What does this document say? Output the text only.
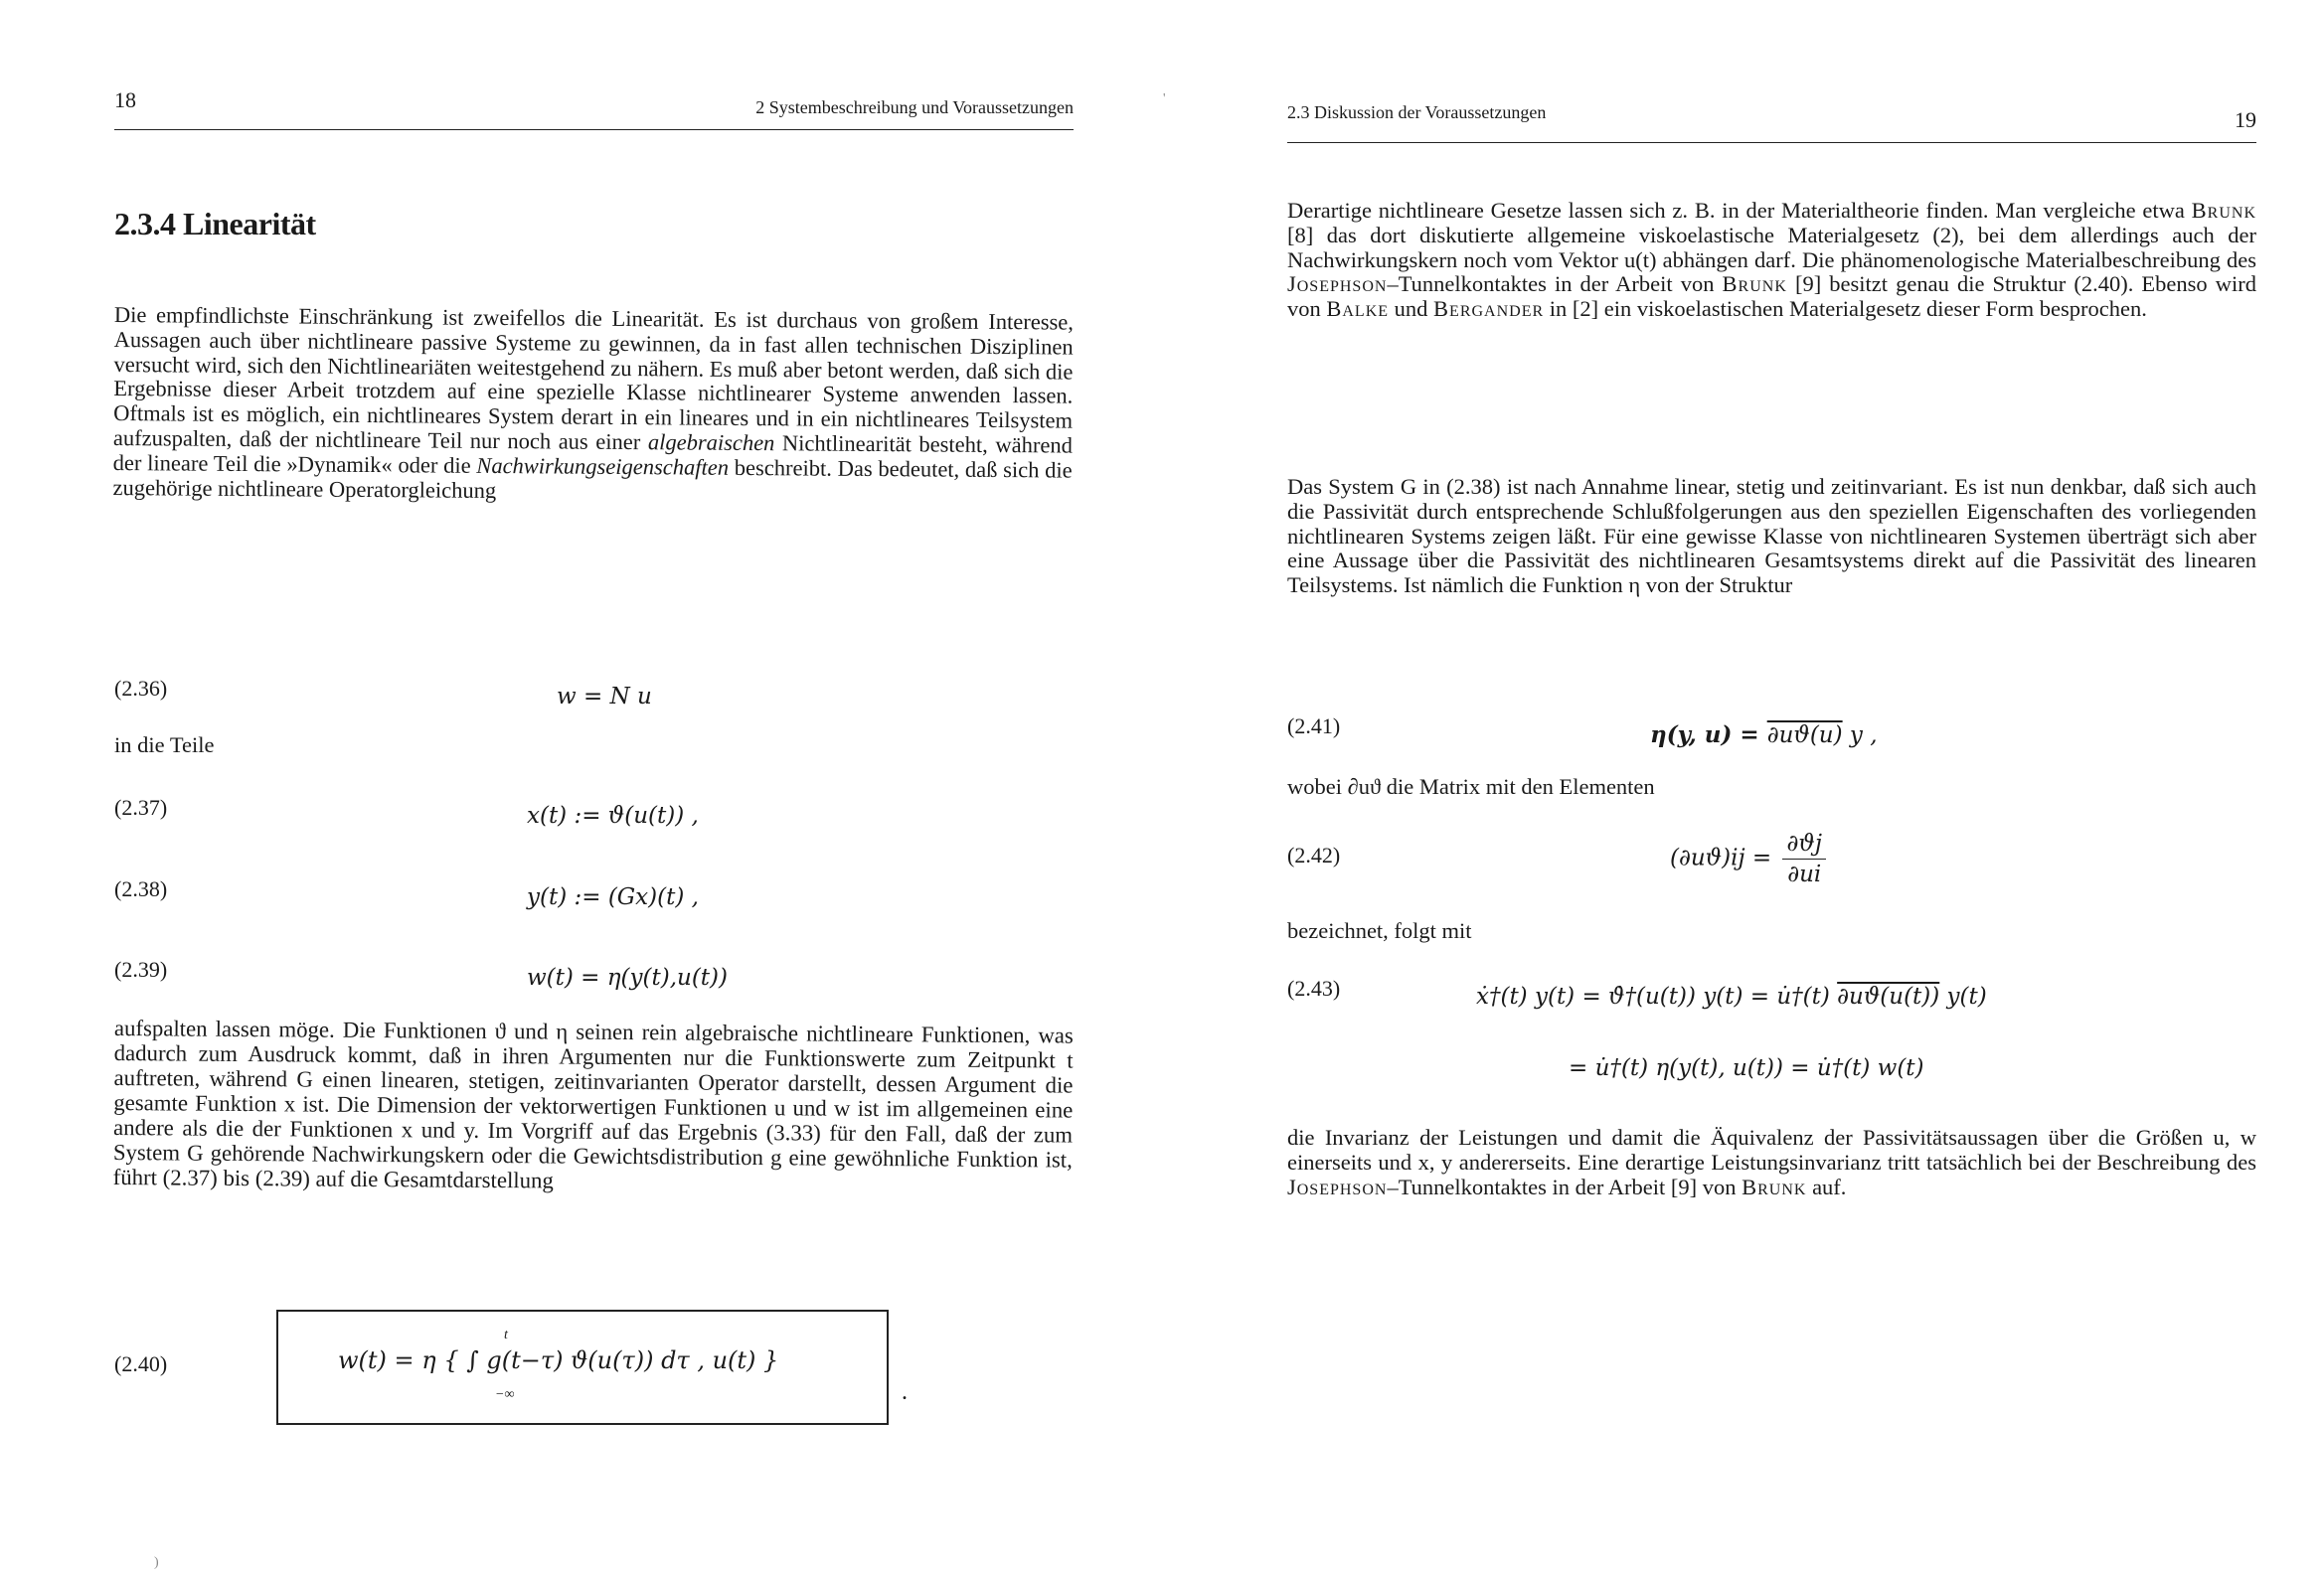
18	2 Systembeschreibung und Voraussetzungen
2.3.4 Linearität

Die empfindlichste Einschränkung ist zweifellos die Linearität. Es ist durchaus von großem Interesse, Aussagen auch über nichtlineare passive Systeme zu gewinnen, da in fast allen technischen Disziplinen versucht wird, sich den Nichtlineariäten weitestgehend zu nähern. Es muß aber betont werden, daß sich die Ergebnisse dieser Arbeit trotzdem auf eine spezielle Klasse nichtlinearer Systeme anwenden lassen. Oftmals ist es möglich, ein nichtlineares System derart in ein lineares und in ein nichtlineares Teilsystem aufzuspalten, daß der nichtlineare Teil nur noch aus einer algebraischen Nichtlinearität besteht, während der lineare Teil die »Dynamik« oder die Nachwirkungseigenschaften beschreibt. Das bedeutet, daß sich die zugehörige nichtlineare Operatorgleichung

(2.36)	w = N u

in die Teile

(2.37)	x(t) := ϑ(u(t)) ,
(2.38)	y(t) := (Gx)(t) ,
(2.39)	w(t) = η(y(t),u(t))

aufspalten lassen möge. Die Funktionen ϑ und η seinen rein algebraische nichtlineare Funktionen, was dadurch zum Ausdruck kommt, daß in ihren Argumenten nur die Funktionswerte zum Zeitpunkt t auftreten, während G einen linearen, stetigen, zeitinvarianten Operator darstellt, dessen Argument die gesamte Funktion x ist. Die Dimension der vektorwertigen Funktionen u und w ist im allgemeinen eine andere als die der Funktionen x und y. Im Vorgriff auf das Ergebnis (3.33) für den Fall, daß der zum System G gehörende Nachwirkungskern oder die Gewichtsdistribution g eine gewöhnliche Funktion ist, führt (2.37) bis (2.39) auf die Gesamtdarstellung

(2.40)	w(t) = η { ∫ g(t−τ) ϑ(u(τ)) dτ , u(t) }
t
−∞	.
2.3 Diskussion der Voraussetzungen	19

Derartige nichtlineare Gesetze lassen sich z. B. in der Materialtheorie finden. Man vergleiche etwa Brunk [8] das dort diskutierte allgemeine viskoelastische Materialgesetz (2), bei dem allerdings auch der Nachwirkungskern noch vom Vektor u(t) abhängen darf. Die phänomenologische Materialbeschreibung des Josephson–Tunnelkontaktes in der Arbeit von Brunk [9] besitzt genau die Struktur (2.40). Ebenso wird von Balke und Bergander in [2] ein viskoelastischen Materialgesetz dieser Form besprochen.

Das System G in (2.38) ist nach Annahme linear, stetig und zeitinvariant. Es ist nun denkbar, daß sich auch die Passivität durch entsprechende Schlußfolgerungen aus den speziellen Eigenschaften des vorliegenden nichtlinearen Systems zeigen läßt. Für eine gewisse Klasse von nichtlinearen Systemen überträgt sich aber eine Aussage über die Passivität des nichtlinearen Gesamtsystems direkt auf die Passivität des linearen Teilsystems. Ist nämlich die Funktion η von der Struktur

(2.41)	η(y, u) = ∂uϑ(u) y ,

wobei ∂uϑ die Matrix mit den Elementen

(2.42)	$(\partial uϑ)ij = \frac{\partial ϑj}{\partial ui}$

bezeichnet, folgt mit

(2.43)	ẋ†(t) y(t) = ϑ̇†(u(t)) y(t) = u̇†(t) ∂uϑ(u(t)) y(t)
= u̇†(t) η(y(t), u(t)) = u̇†(t) w(t)

die Invarianz der Leistungen und damit die Äquivalenz der Passivitätsaussagen über die Größen u, w einerseits und x, y andererseits. Eine derartige Leistungsinvarianz tritt tatsächlich bei der Beschreibung des Josephson–Tunnelkontaktes in der Arbeit [9] von Brunk auf.

'
)
